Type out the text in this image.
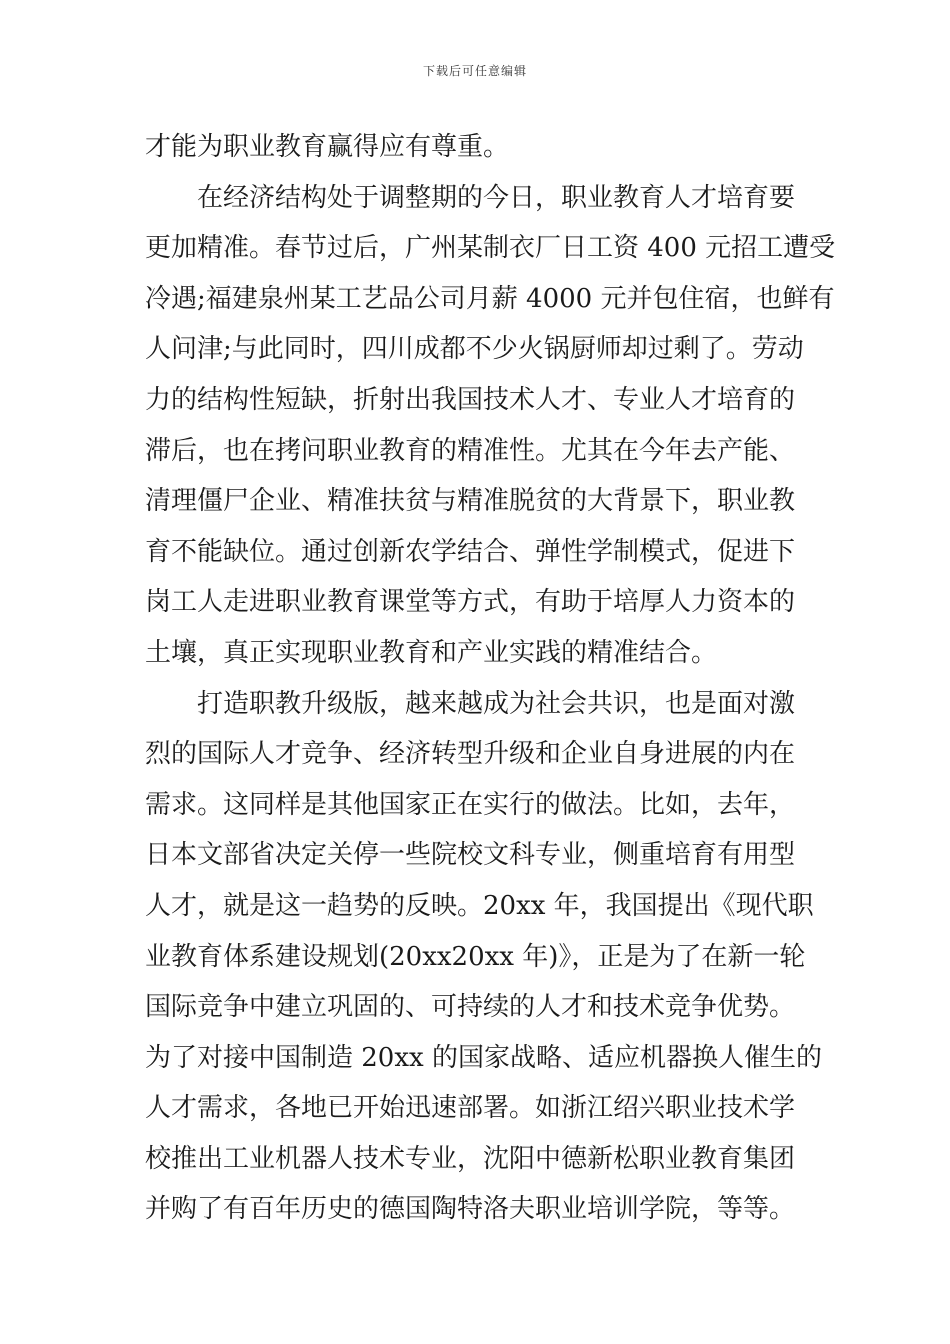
下载后可任意编辑
才能为职业教育赢得应有尊重。
　　在经济结构处于调整期的今日，职业教育人才培育要
更加精准。春节过后，广州某制衣厂日工资 400 元招工遭受
冷遇;福建泉州某工艺品公司月薪 4000 元并包住宿，也鲜有
人问津;与此同时，四川成都不少火锅厨师却过剩了。劳动
力的结构性短缺，折射出我国技术人才、专业人才培育的
滞后，也在拷问职业教育的精准性。尤其在今年去产能、
清理僵尸企业、精准扶贫与精准脱贫的大背景下，职业教
育不能缺位。通过创新农学结合、弹性学制模式，促进下
岗工人走进职业教育课堂等方式，有助于培厚人力资本的
土壤，真正实现职业教育和产业实践的精准结合。
　　打造职教升级版，越来越成为社会共识，也是面对激
烈的国际人才竞争、经济转型升级和企业自身进展的内在
需求。这同样是其他国家正在实行的做法。比如，去年，
日本文部省决定关停一些院校文科专业，侧重培育有用型
人才，就是这一趋势的反映。20xx 年，我国提出《现代职
业教育体系建设规划(20xx20xx 年)》，正是为了在新一轮
国际竞争中建立巩固的、可持续的人才和技术竞争优势。
为了对接中国制造 20xx 的国家战略、适应机器换人催生的
人才需求，各地已开始迅速部署。如浙江绍兴职业技术学
校推出工业机器人技术专业，沈阳中德新松职业教育集团
并购了有百年历史的德国陶特洛夫职业培训学院，等等。
